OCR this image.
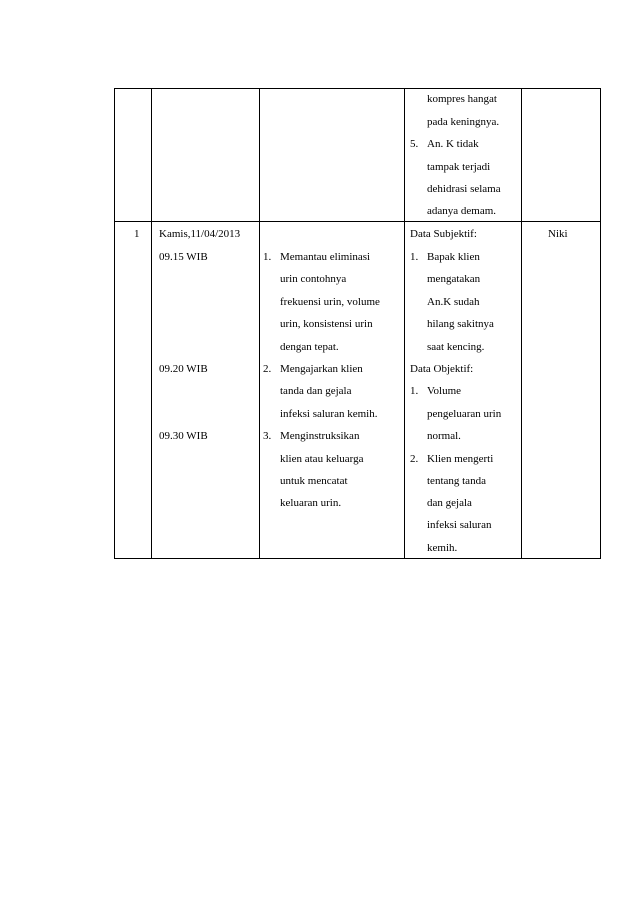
kompres hangat
pada keningnya.
5. An. K tidak
tampak terjadi
dehidrasi selama
adanya demam.
1 Kamis,11/04/2013
09.15 WIB
09.20 WIB
09.30 WIB
1. Memantau eliminasi
urin contohnya
frekuensi urin, volume
urin, konsistensi urin
dengan tepat.
2. Mengajarkan klien
tanda dan gejala
infeksi saluran kemih.
3. Menginstruksikan
klien atau keluarga
untuk mencatat
keluaran urin.
Data Subjektif:
1. Bapak klien
mengatakan
An.K sudah
hilang sakitnya
saat kencing.
Data Objektif:
1. Volume
pengeluaran urin
normal.
2. Klien mengerti
tentang tanda
dan gejala
infeksi saluran
kemih.
Niki
